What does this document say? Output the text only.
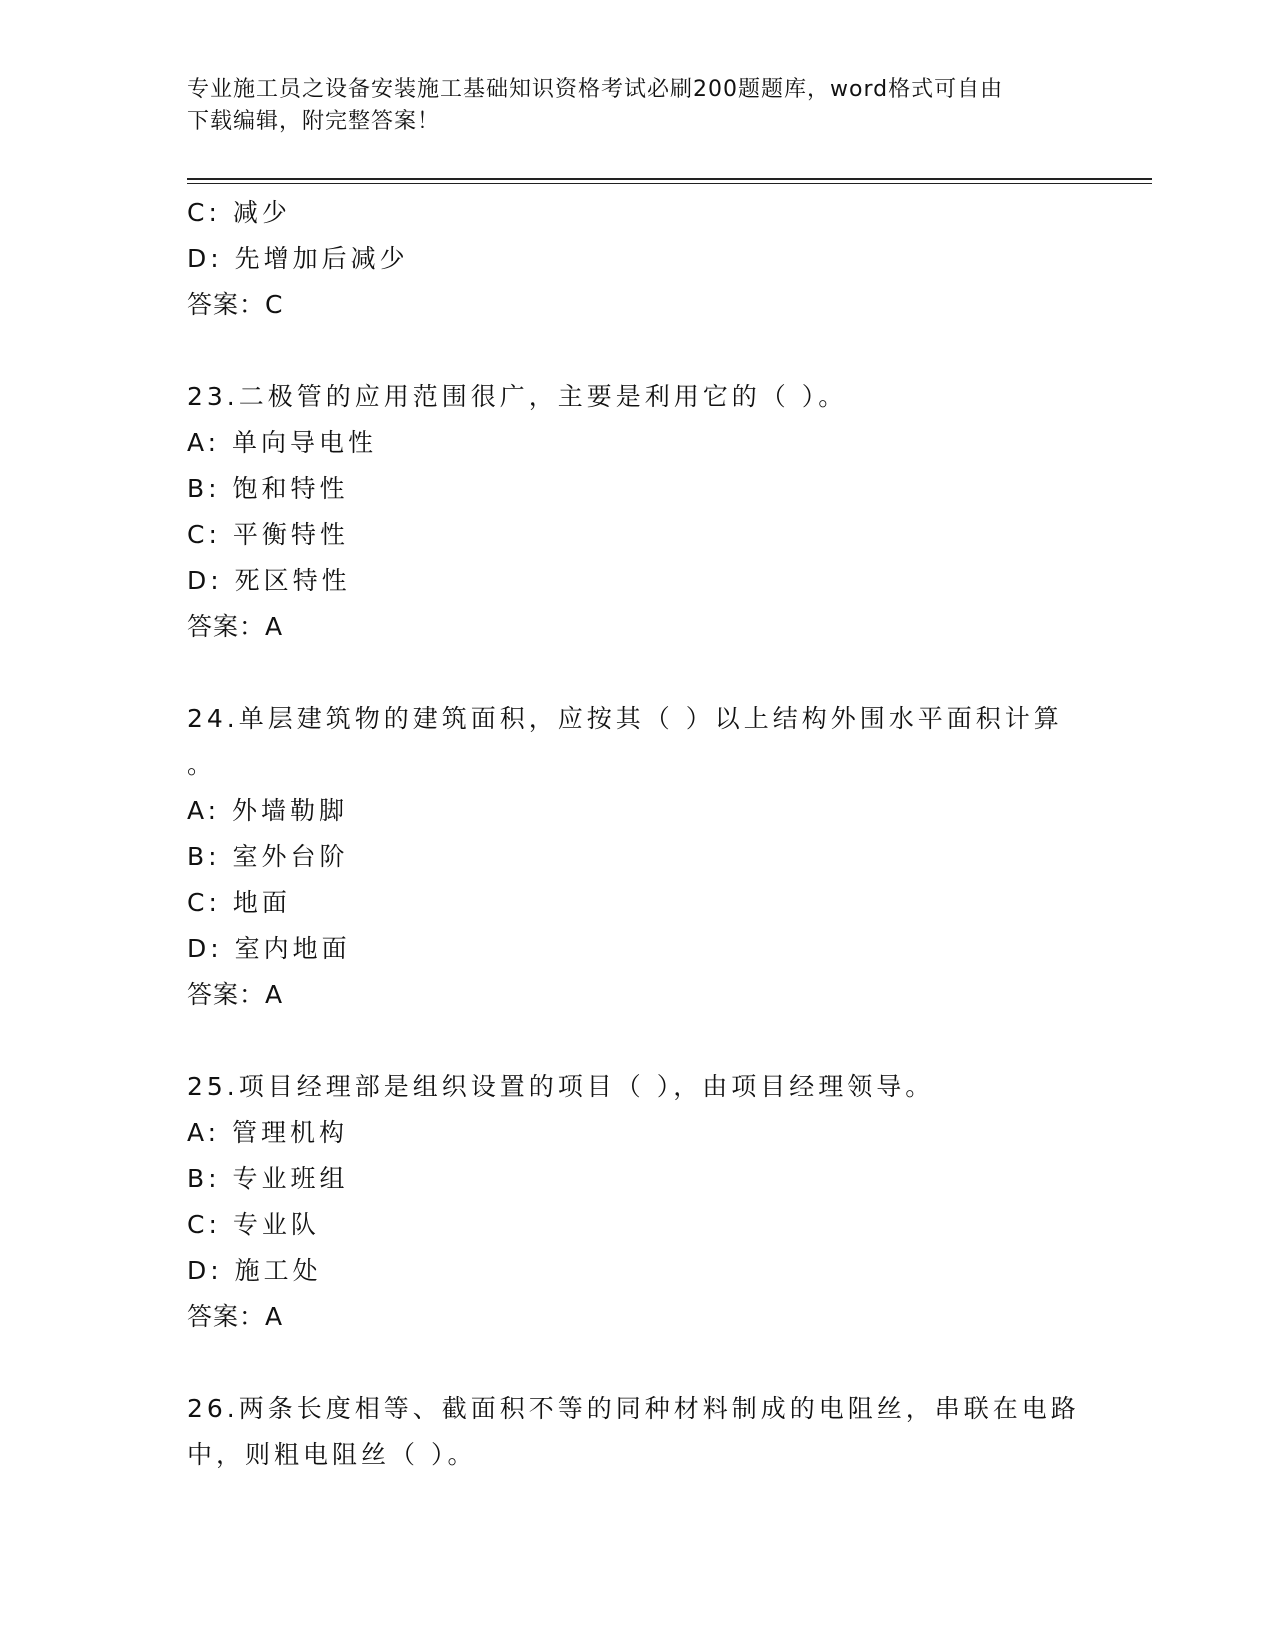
专业施工员之设备安装施工基础知识资格考试必刷200题题库，word格式可自由
下载编辑，附完整答案！
C: 减少
D: 先增加后减少
答案：C
23.二极管的应用范围很广，主要是利用它的（ ）。
A: 单向导电性
B: 饱和特性
C: 平衡特性
D: 死区特性
答案：A
24.单层建筑物的建筑面积，应按其（ ）以上结构外围水平面积计算
。
A: 外墙勒脚
B: 室外台阶
C: 地面
D: 室内地面
答案：A
25.项目经理部是组织设置的项目（ ），由项目经理领导。
A: 管理机构
B: 专业班组
C: 专业队
D: 施工处
答案：A
26.两条长度相等、截面积不等的同种材料制成的电阻丝，串联在电路
中，则粗电阻丝（ ）。
